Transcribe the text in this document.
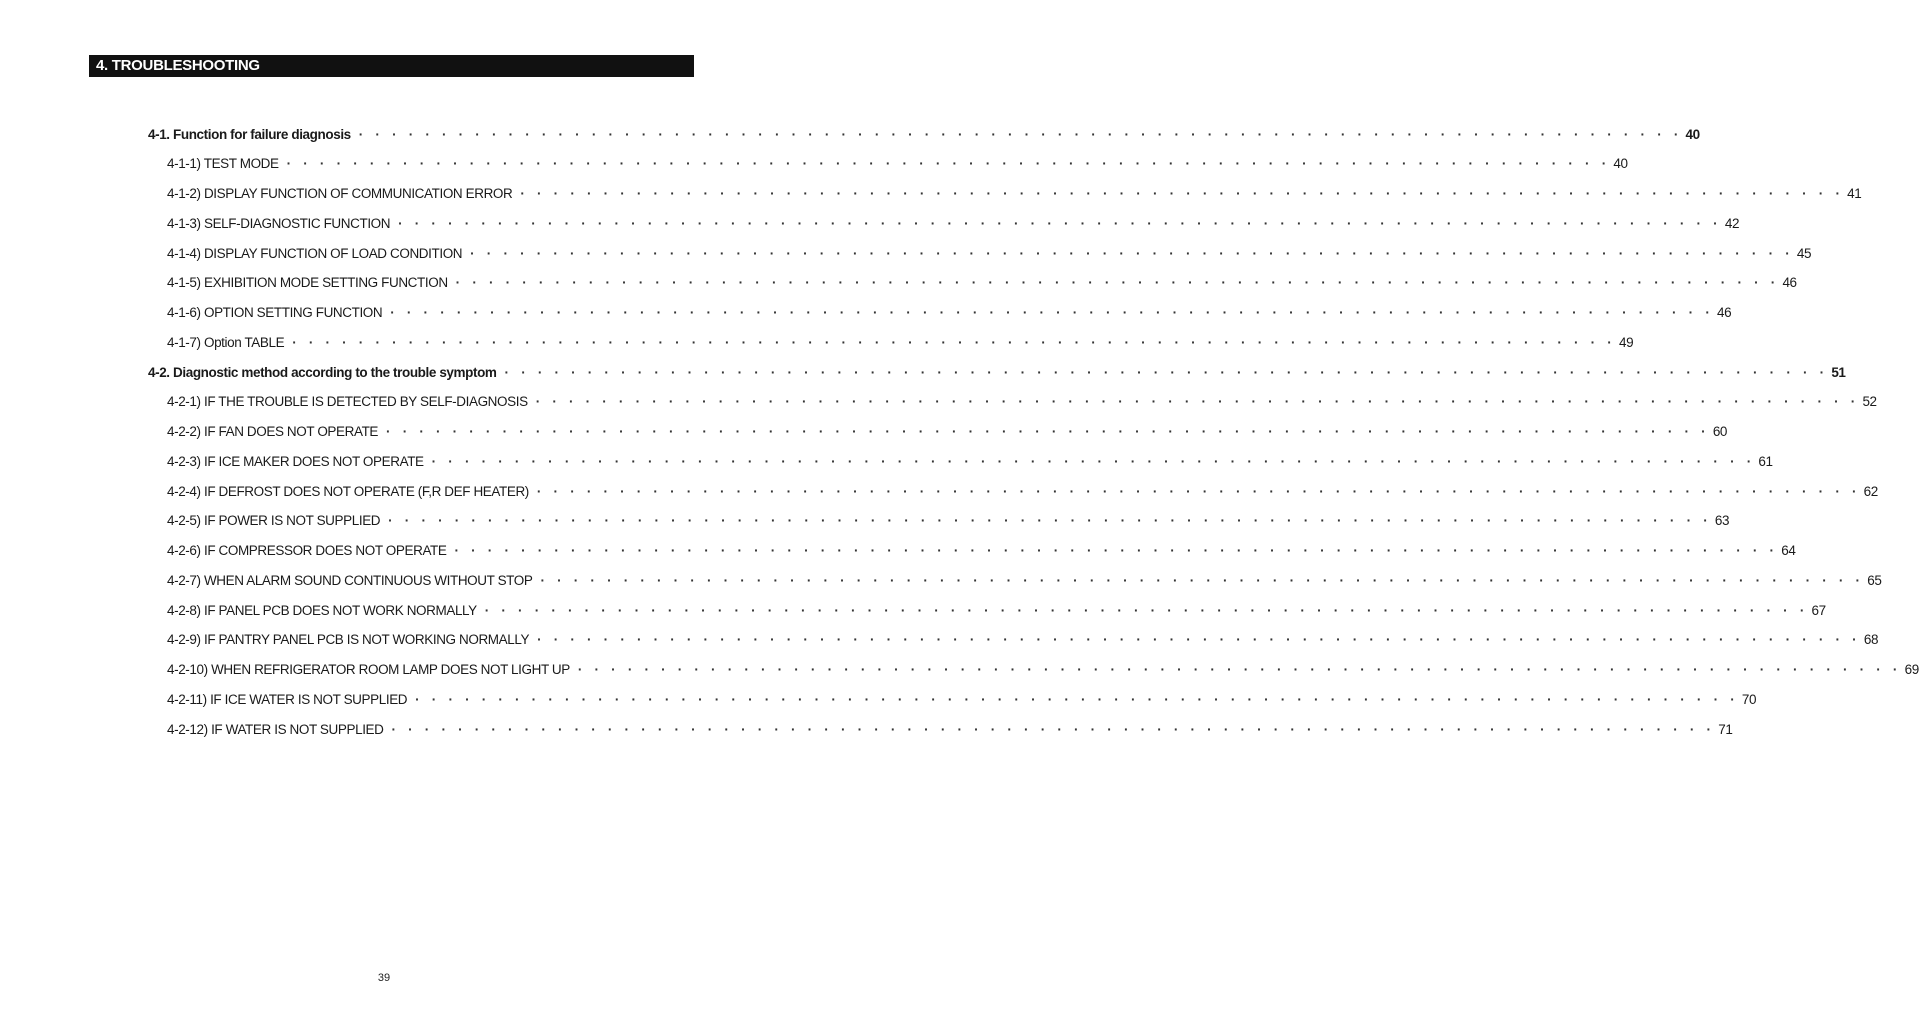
4. TROUBLESHOOTING
4-1. Function for failure diagnosis · · · · · · · · · · · · · · · · · · · · · · · · · · · · · · · · · · · · · · · · · · · · · · · · · · · · · · · · · · · · · · · · · · · · · · · · · · · · · · · · 40
4-1-1) TEST MODE · · · · · · · · · · · · · · · · · · · · · · · · · · · · · · · · · · · · · · · · · · · · · · · · · · · · · · · · · · · · · · · · · · · · · · · · · · · · · · · · 40
4-1-2) DISPLAY FUNCTION OF COMMUNICATION ERROR · · · · · · · · · · · · · · · · · · · · · · · · · · · · · · · · · · · · · · · · · · · · · · · · · · · · · · · · · · · · · · · · · · · · · · · · · · · · · · · · 41
4-1-3) SELF-DIAGNOSTIC FUNCTION · · · · · · · · · · · · · · · · · · · · · · · · · · · · · · · · · · · · · · · · · · · · · · · · · · · · · · · · · · · · · · · · · · · · · · · · · · · · · · · · 42
4-1-4) DISPLAY FUNCTION OF LOAD CONDITION · · · · · · · · · · · · · · · · · · · · · · · · · · · · · · · · · · · · · · · · · · · · · · · · · · · · · · · · · · · · · · · · · · · · · · · · · · · · · · · · 45
4-1-5) EXHIBITION MODE SETTING FUNCTION · · · · · · · · · · · · · · · · · · · · · · · · · · · · · · · · · · · · · · · · · · · · · · · · · · · · · · · · · · · · · · · · · · · · · · · · · · · · · · · · 46
4-1-6) OPTION SETTING FUNCTION · · · · · · · · · · · · · · · · · · · · · · · · · · · · · · · · · · · · · · · · · · · · · · · · · · · · · · · · · · · · · · · · · · · · · · · · · · · · · · · · 46
4-1-7) Option TABLE · · · · · · · · · · · · · · · · · · · · · · · · · · · · · · · · · · · · · · · · · · · · · · · · · · · · · · · · · · · · · · · · · · · · · · · · · · · · · · · · 49
4-2. Diagnostic method according to the trouble symptom · · · · · · · · · · · · · · · · · · · · · · · · · · · · · · · · · · · · · · · · · · · · · · · · · · · · · · · · · · · · · · · · · · · · · · · · · · · · · · · · 51
4-2-1) IF THE TROUBLE IS DETECTED BY SELF-DIAGNOSIS · · · · · · · · · · · · · · · · · · · · · · · · · · · · · · · · · · · · · · · · · · · · · · · · · · · · · · · · · · · · · · · · · · · · · · · · · · · · · · · · 52
4-2-2) IF FAN DOES NOT OPERATE · · · · · · · · · · · · · · · · · · · · · · · · · · · · · · · · · · · · · · · · · · · · · · · · · · · · · · · · · · · · · · · · · · · · · · · · · · · · · · · · 60
4-2-3) IF ICE MAKER DOES NOT OPERATE · · · · · · · · · · · · · · · · · · · · · · · · · · · · · · · · · · · · · · · · · · · · · · · · · · · · · · · · · · · · · · · · · · · · · · · · · · · · · · · · 61
4-2-4) IF DEFROST DOES NOT OPERATE (F,R DEF HEATER) · · · · · · · · · · · · · · · · · · · · · · · · · · · · · · · · · · · · · · · · · · · · · · · · · · · · · · · · · · · · · · · · · · · · · · · · · · · · · · · · 62
4-2-5) IF POWER IS NOT SUPPLIED · · · · · · · · · · · · · · · · · · · · · · · · · · · · · · · · · · · · · · · · · · · · · · · · · · · · · · · · · · · · · · · · · · · · · · · · · · · · · · · · 63
4-2-6) IF COMPRESSOR DOES NOT OPERATE · · · · · · · · · · · · · · · · · · · · · · · · · · · · · · · · · · · · · · · · · · · · · · · · · · · · · · · · · · · · · · · · · · · · · · · · · · · · · · · · 64
4-2-7) WHEN ALARM SOUND CONTINUOUS WITHOUT STOP · · · · · · · · · · · · · · · · · · · · · · · · · · · · · · · · · · · · · · · · · · · · · · · · · · · · · · · · · · · · · · · · · · · · · · · · · · · · · · · · 65
4-2-8) IF PANEL PCB DOES NOT WORK NORMALLY · · · · · · · · · · · · · · · · · · · · · · · · · · · · · · · · · · · · · · · · · · · · · · · · · · · · · · · · · · · · · · · · · · · · · · · · · · · · · · · · 67
4-2-9) IF PANTRY PANEL PCB IS NOT WORKING NORMALLY · · · · · · · · · · · · · · · · · · · · · · · · · · · · · · · · · · · · · · · · · · · · · · · · · · · · · · · · · · · · · · · · · · · · · · · · · · · · · · · · 68
4-2-10) WHEN REFRIGERATOR ROOM LAMP DOES NOT LIGHT UP · · · · · · · · · · · · · · · · · · · · · · · · · · · · · · · · · · · · · · · · · · · · · · · · · · · · · · · · · · · · · · · · · · · · · · · · · · · · · · · · 69
4-2-11) IF ICE WATER IS NOT SUPPLIED · · · · · · · · · · · · · · · · · · · · · · · · · · · · · · · · · · · · · · · · · · · · · · · · · · · · · · · · · · · · · · · · · · · · · · · · · · · · · · · · 70
4-2-12) IF WATER IS NOT SUPPLIED · · · · · · · · · · · · · · · · · · · · · · · · · · · · · · · · · · · · · · · · · · · · · · · · · · · · · · · · · · · · · · · · · · · · · · · · · · · · · · · · 71
39
